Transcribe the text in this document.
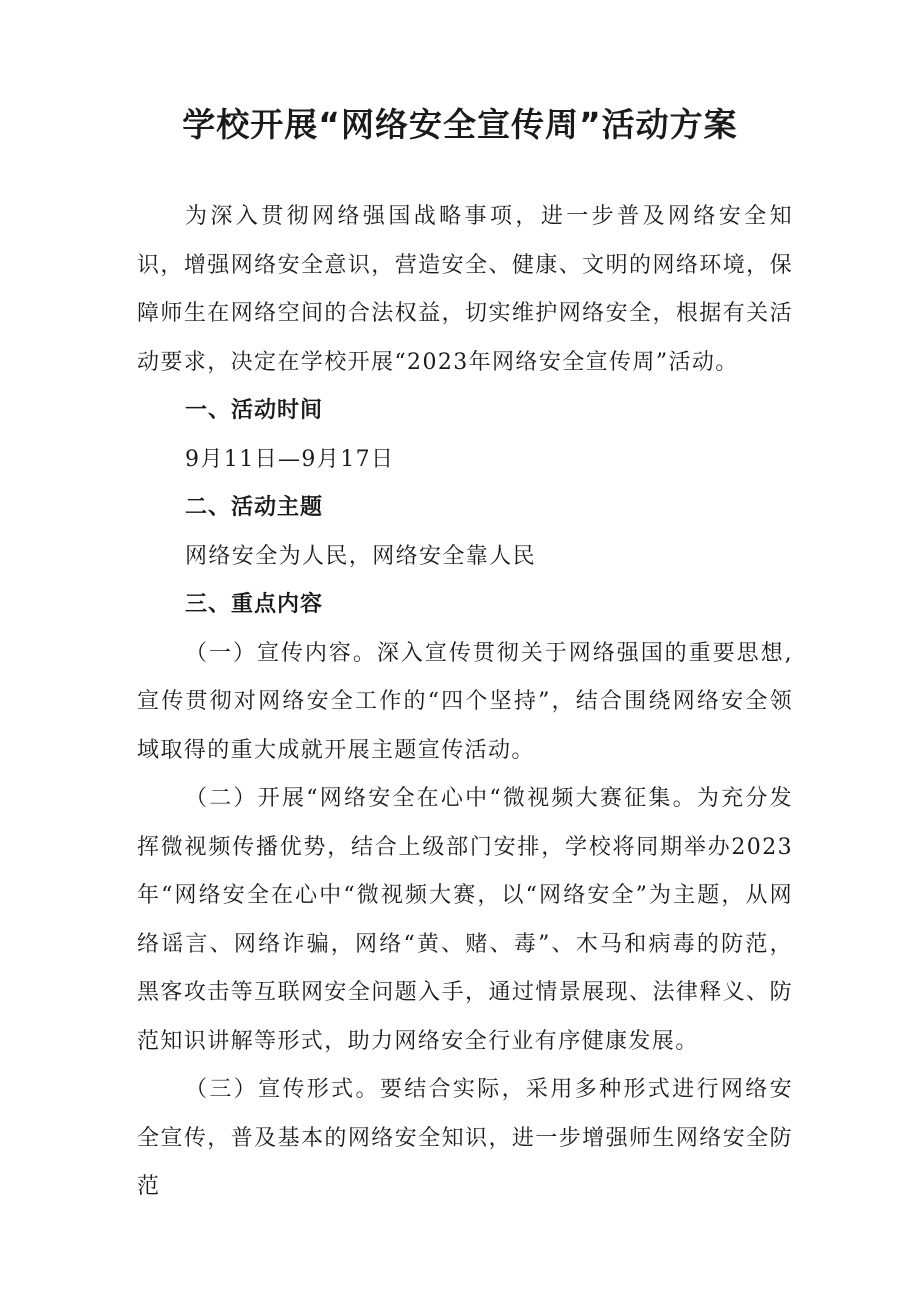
学校开展“网络安全宣传周”活动方案

为深入贯彻网络强国战略事项，进一步普及网络安全知识，增强网络安全意识，营造安全、健康、文明的网络环境，保障师生在网络空间的合法权益，切实维护网络安全，根据有关活动要求，决定在学校开展“2023年网络安全宣传周”活动。

一、活动时间

9月11日—9月17日

二、活动主题

网络安全为人民，网络安全靠人民

三、重点内容

（一）宣传内容。深入宣传贯彻关于网络强国的重要思想,宣传贯彻对网络安全工作的“四个坚持”，结合围绕网络安全领域取得的重大成就开展主题宣传活动。

（二）开展“网络安全在心中“微视频大赛征集。为充分发挥微视频传播优势，结合上级部门安排，学校将同期举办2023年“网络安全在心中“微视频大赛，以“网络安全”为主题，从网络谣言、网络诈骗，网络“黄、赌、毒”、木马和病毒的防范，黑客攻击等互联网安全问题入手，通过情景展现、法律释义、防范知识讲解等形式，助力网络安全行业有序健康发展。

（三）宣传形式。要结合实际，采用多种形式进行网络安全宣传，普及基本的网络安全知识，进一步增强师生网络安全防范
